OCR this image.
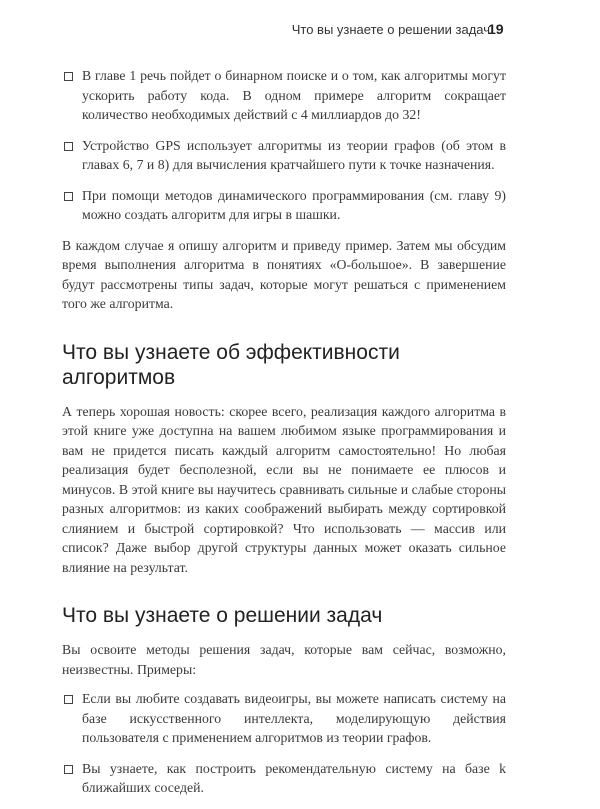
Что вы узнаете о решении задач
19
В главе 1 речь пойдет о бинарном поиске и о том, как алгоритмы могут ускорить работу кода. В одном примере алгоритм сокращает количество необходимых действий с 4 миллиардов до 32!
Устройство GPS использует алгоритмы из теории графов (об этом в главах 6, 7 и 8) для вычисления кратчайшего пути к точке назначения.
При помощи методов динамического программирования (см. главу 9) можно создать алгоритм для игры в шашки.

В каждом случае я опишу алгоритм и приведу пример. Затем мы обсудим время выполнения алгоритма в понятиях «O-большое». В завершение будут рассмотрены типы задач, которые могут решаться с применением того же алгоритма.

Что вы узнаете об эффективности алгоритмов

А теперь хорошая новость: скорее всего, реализация каждого алгоритма в этой книге уже доступна на вашем любимом языке программирования и вам не придется писать каждый алгоритм самостоятельно! Но любая реализация будет бесполезной, если вы не понимаете ее плюсов и минусов. В этой книге вы научитесь сравнивать сильные и слабые стороны разных алгоритмов: из каких соображений выбирать между сортировкой слиянием и быстрой сортировкой? Что использовать — массив или список? Даже выбор другой структуры данных может оказать сильное влияние на результат.

Что вы узнаете о решении задач

Вы освоите методы решения задач, которые вам сейчас, возможно, неизвестны. Примеры:

Если вы любите создавать видеоигры, вы можете написать систему на базе искусственного интеллекта, моделирующую действия пользователя с применением алгоритмов из теории графов.
Вы узнаете, как построить рекомендательную систему на базе k ближайших соседей.
